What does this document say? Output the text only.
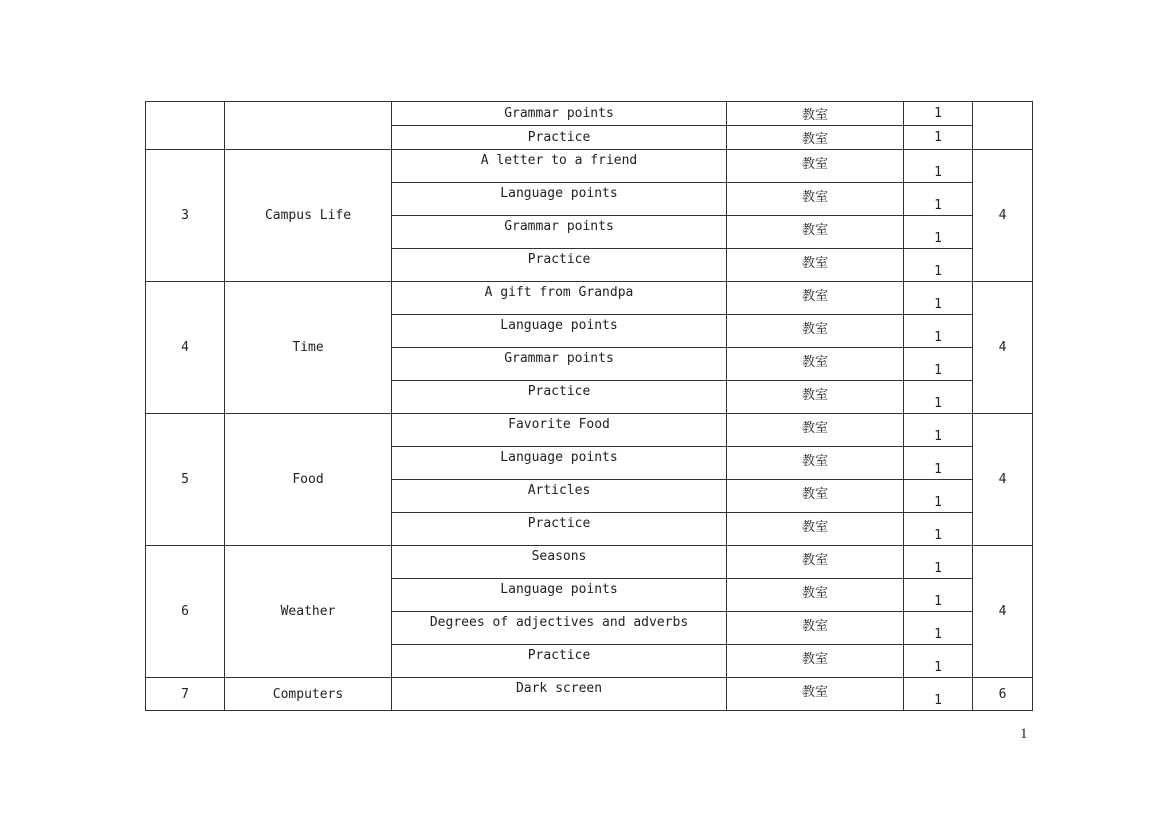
		Grammar points	教室	1	
		Practice	教室	1	
3	Campus Life	A letter to a friend	教室	1	4
		Language points	教室	1	
		Grammar points	教室	1	
		Practice	教室	1	
4	Time	A gift from Grandpa	教室	1	4
		Language points	教室	1	
		Grammar points	教室	1	
		Practice	教室	1	
5	Food	Favorite Food	教室	1	4
		Language points	教室	1	
		Articles	教室	1	
		Practice	教室	1	
6	Weather	Seasons	教室	1	4
		Language points	教室	1	
		Degrees of adjectives and adverbs	教室	1	
		Practice	教室	1	
7	Computers	Dark screen	教室	1	6
1
